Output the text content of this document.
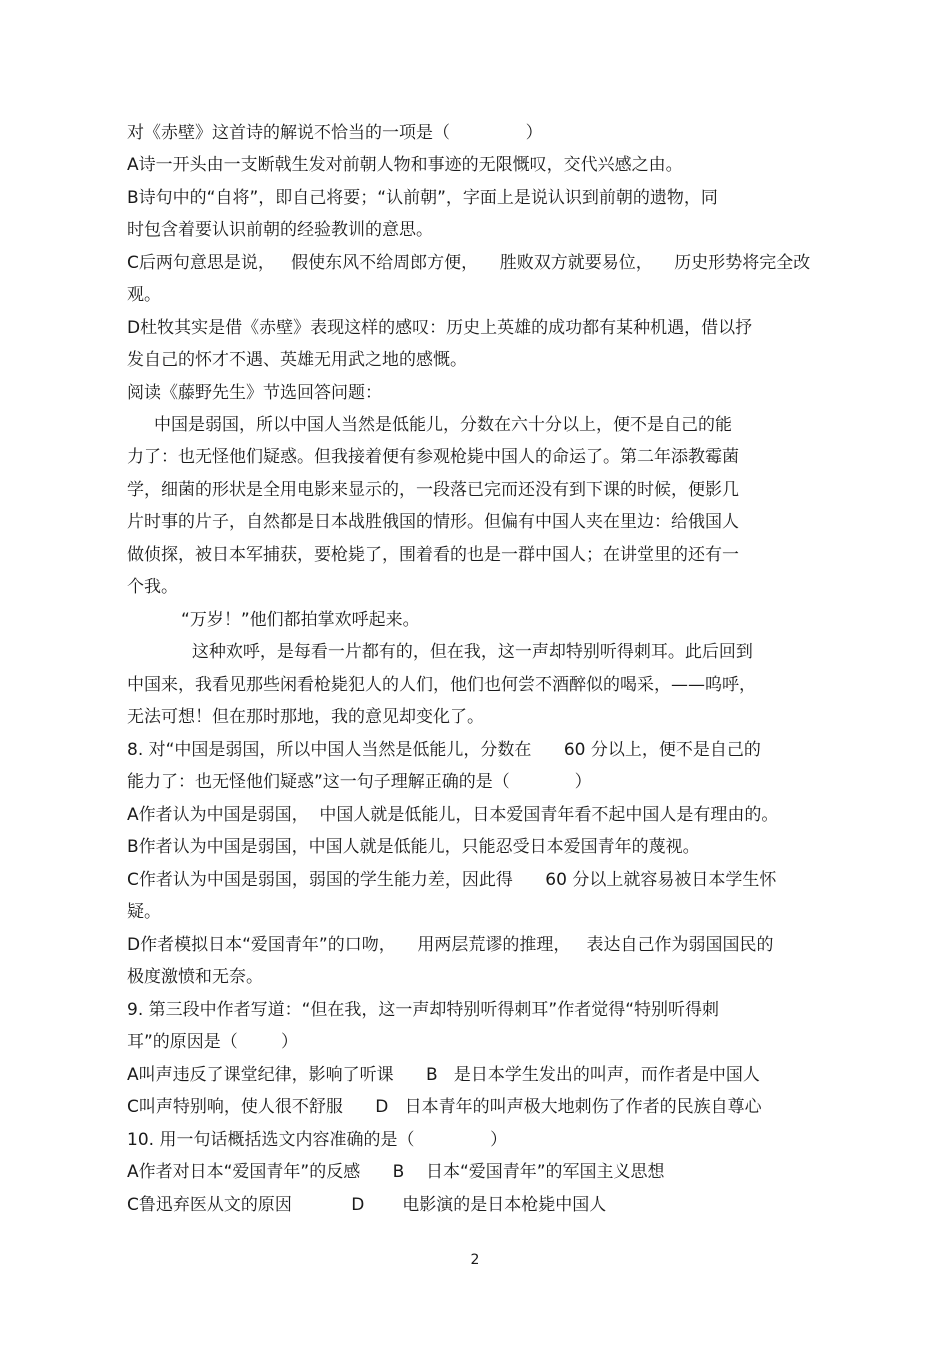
对《赤壁》这首诗的解说不恰当的一项是（              ）
A诗一开头由一支断戟生发对前朝人物和事迹的无限慨叹，交代兴感之由。
B诗句中的“自将”，即自己将要；“认前朝”，字面上是说认识到前朝的遗物，同
时包含着要认识前朝的经验教训的意思。
C后两句意思是说，   假使东风不给周郎方便，    胜败双方就要易位，    历史形势将完全改
观。
D杜牧其实是借《赤壁》表现这样的感叹：历史上英雄的成功都有某种机遇，借以抒
发自己的怀才不遇、英雄无用武之地的感慨。
阅读《藤野先生》节选回答问题：
中国是弱国，所以中国人当然是低能儿，分数在六十分以上，便不是自己的能
力了：也无怪他们疑惑。但我接着便有参观枪毙中国人的命运了。第二年添教霉菌
学，细菌的形状是全用电影来显示的，一段落已完而还没有到下课的时候，便影几
片时事的片子，自然都是日本战胜俄国的情形。但偏有中国人夹在里边：给俄国人
做侦探，被日本军捕获，要枪毙了，围着看的也是一群中国人；在讲堂里的还有一
个我。
“万岁！”他们都拍掌欢呼起来。
这种欢呼，是每看一片都有的，但在我，这一声却特别听得刺耳。此后回到
中国来，我看见那些闲看枪毙犯人的人们，他们也何尝不酒醉似的喝采，——呜呼，
无法可想！但在那时那地，我的意见却变化了。
8. 对“中国是弱国，所以中国人当然是低能儿，分数在      60 分以上，便不是自己的
能力了：也无怪他们疑惑”这一句子理解正确的是（            ）
A作者认为中国是弱国，  中国人就是低能儿，日本爱国青年看不起中国人是有理由的。
B作者认为中国是弱国，中国人就是低能儿，只能忍受日本爱国青年的蔑视。
C作者认为中国是弱国，弱国的学生能力差，因此得      60 分以上就容易被日本学生怀
疑。
D作者模拟日本“爱国青年”的口吻，    用两层荒谬的推理，   表达自己作为弱国国民的
极度激愤和无奈。
9. 第三段中作者写道：“但在我，这一声却特别听得刺耳”作者觉得“特别听得刺
耳”的原因是（        ）
A叫声违反了课堂纪律，影响了听课      B   是日本学生发出的叫声，而作者是中国人
C叫声特别响，使人很不舒服      D   日本青年的叫声极大地刺伤了作者的民族自尊心
10. 用一句话概括选文内容准确的是（              ）
A作者对日本“爱国青年”的反感      B    日本“爱国青年”的军国主义思想
C鲁迅弃医从文的原因           D       电影演的是日本枪毙中国人
2
